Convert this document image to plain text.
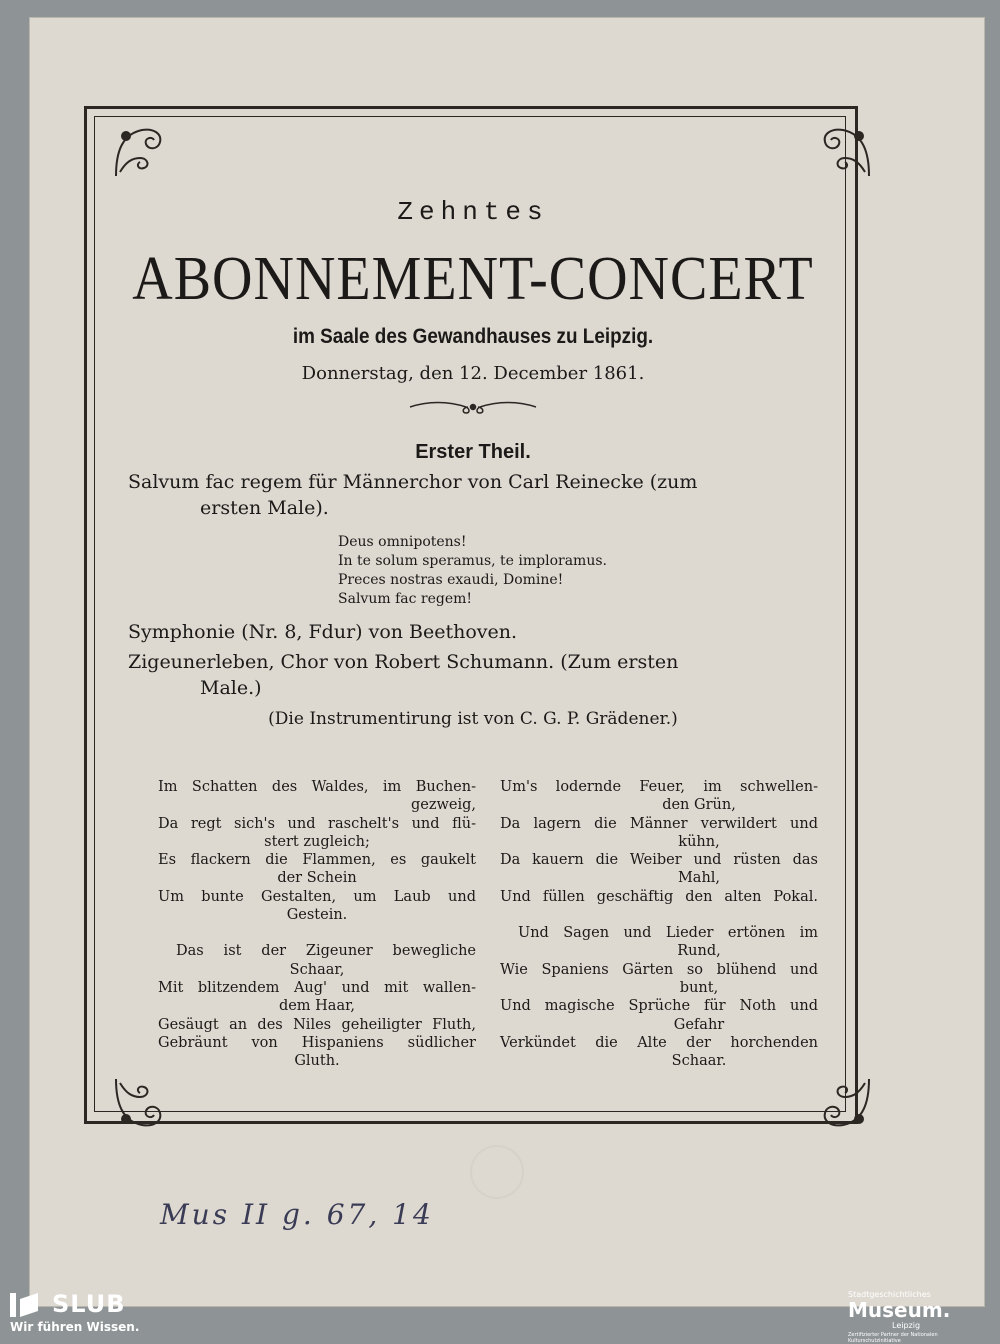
Zehntes
ABONNEMENT-CONCERT
im Saale des Gewandhauses zu Leipzig.
Donnerstag, den 12. December 1861.
Erster Theil.
Salvum fac regem für Männerchor von Carl Reinecke (zum
ersten Male).
Deus omnipotens!
In te solum speramus, te imploramus.
Preces nostras exaudi, Domine!
Salvum fac regem!
Symphonie (Nr. 8, Fdur) von Beethoven.
Zigeunerleben, Chor von Robert Schumann. (Zum ersten
Male.)
(Die Instrumentirung ist von C. G. P. Grädener.)
Im Schatten des Waldes, im Buchen-
gezweig,
Da regt sich's und raschelt's und flü-
stert zugleich;
Es flackern die Flammen, es gaukelt
der Schein
Um bunte Gestalten, um Laub und
Gestein.
Das ist der Zigeuner bewegliche
Schaar,
Mit blitzendem Aug' und mit wallen-
dem Haar,
Gesäugt an des Niles geheiligter Fluth,
Gebräunt von Hispaniens südlicher
Gluth.
Um's lodernde Feuer, im schwellen-
den Grün,
Da lagern die Männer verwildert und
kühn,
Da kauern die Weiber und rüsten das
Mahl,
Und füllen geschäftig den alten Pokal.
Und Sagen und Lieder ertönen im
Rund,
Wie Spaniens Gärten so blühend und
bunt,
Und magische Sprüche für Noth und
Gefahr
Verkündet die Alte der horchenden
Schaar.
Mus II g. 67, 14
SLUB
Wir führen Wissen.
Stadtgeschichtliches
Museum.
Leipzig
Zertifizierter Partner der Nationalen Kulturschutzinitiative
